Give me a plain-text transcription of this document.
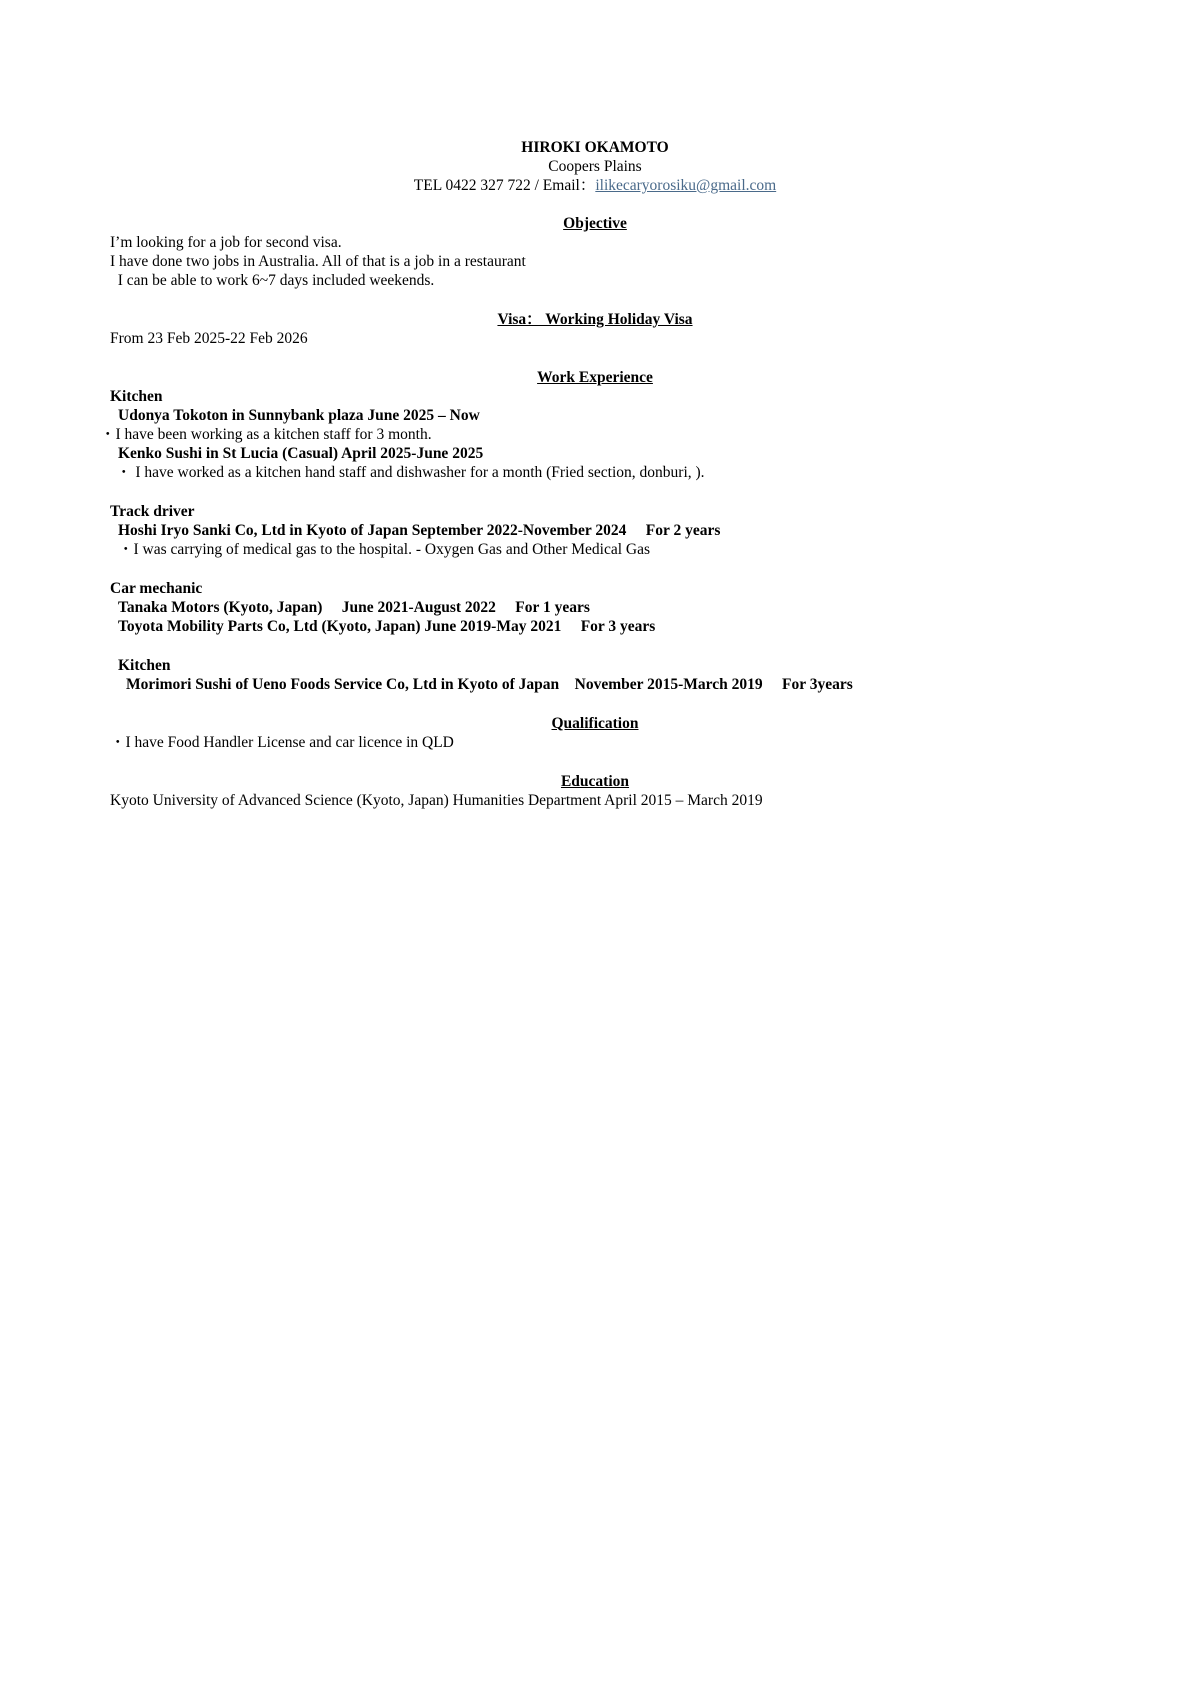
HIROKI OKAMOTO
Coopers Plains
TEL 0422 327 722 / Email：ilikecaryorosiku@gmail.com
Objective
I’m looking for a job for second visa.
I have done two jobs in Australia. All of that is a job in a restaurant
I can be able to work 6~7 days included weekends.
Visa： Working Holiday Visa
From 23 Feb 2025-22 Feb 2026
Work Experience
Kitchen
Udonya Tokoton in Sunnybank plaza June 2025 – Now
・I have been working as a kitchen staff for 3 month.
Kenko Sushi in St Lucia (Casual) April 2025-June 2025
・ I have worked as a kitchen hand staff and dishwasher for a month (Fried section, donburi, ).
Track driver
Hoshi Iryo Sanki Co, Ltd in Kyoto of Japan September 2022-November 2024     For 2 years
・I was carrying of medical gas to the hospital. - Oxygen Gas and Other Medical Gas
Car mechanic
Tanaka Motors (Kyoto, Japan)     June 2021-August 2022     For 1 years
Toyota Mobility Parts Co, Ltd (Kyoto, Japan) June 2019-May 2021     For 3 years
Kitchen
Morimori Sushi of Ueno Foods Service Co, Ltd in Kyoto of Japan    November 2015-March 2019     For 3years
Qualification
・I have Food Handler License and car licence in QLD
Education
Kyoto University of Advanced Science (Kyoto, Japan) Humanities Department April 2015 – March 2019
